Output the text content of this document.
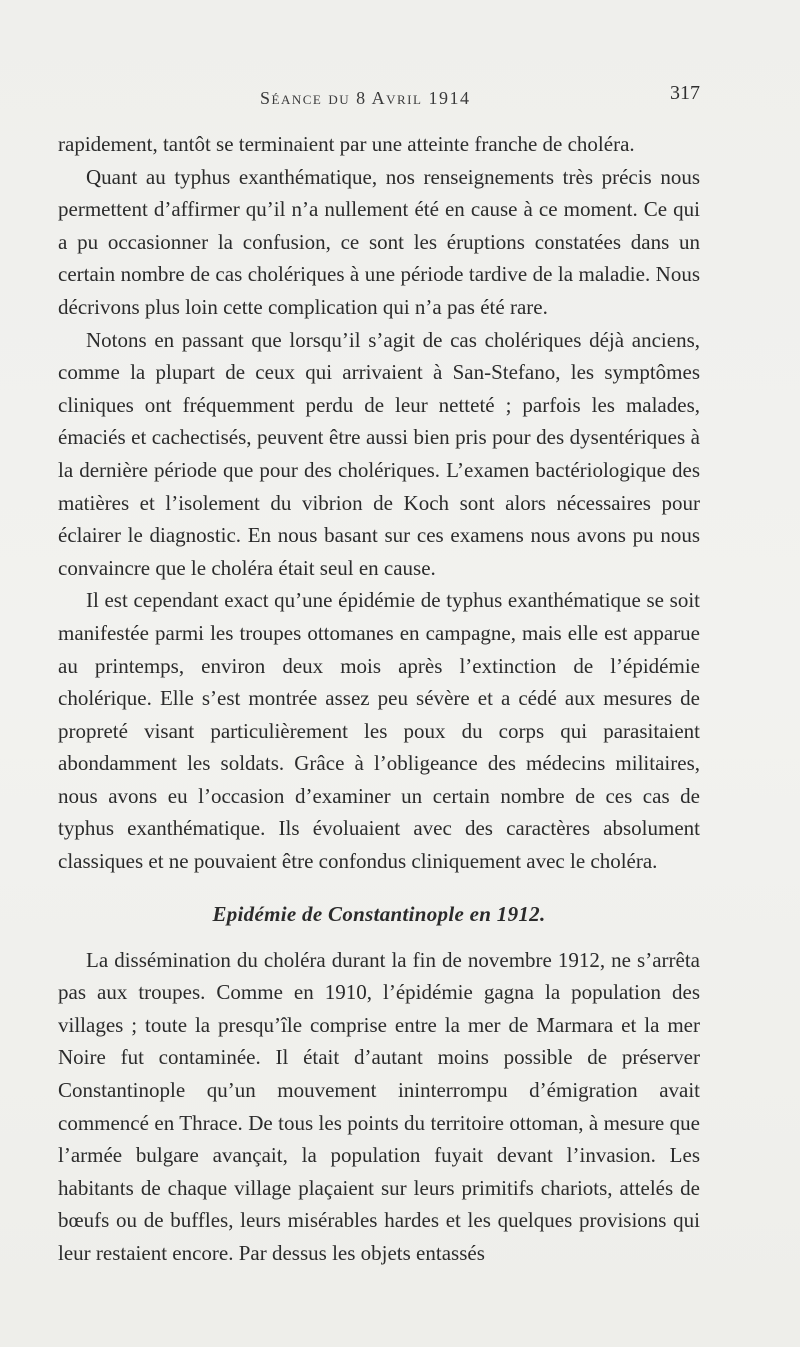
Séance du 8 Avril 1914	317

rapidement, tantôt se terminaient par une atteinte franche de choléra.

Quant au typhus exanthématique, nos renseignements très précis nous permettent d’affirmer qu’il n’a nullement été en cause à ce moment. Ce qui a pu occasionner la confusion, ce sont les éruptions constatées dans un certain nombre de cas cholériques à une période tardive de la maladie. Nous décrivons plus loin cette complication qui n’a pas été rare.

Notons en passant que lorsqu’il s’agit de cas cholériques déjà anciens, comme la plupart de ceux qui arrivaient à San-Stefano, les symptômes cliniques ont fréquemment perdu de leur netteté ; parfois les malades, émaciés et cachectisés, peuvent être aussi bien pris pour des dysentériques à la dernière période que pour des cholériques. L’examen bactériologique des matières et l’isolement du vibrion de Koch sont alors nécessaires pour éclairer le diagnostic. En nous basant sur ces examens nous avons pu nous convaincre que le choléra était seul en cause.

Il est cependant exact qu’une épidémie de typhus exanthématique se soit manifestée parmi les troupes ottomanes en campagne, mais elle est apparue au printemps, environ deux mois après l’extinction de l’épidémie cholérique. Elle s’est montrée assez peu sévère et a cédé aux mesures de propreté visant particulièrement les poux du corps qui parasitaient abondamment les soldats. Grâce à l’obligeance des médecins militaires, nous avons eu l’occasion d’examiner un certain nombre de ces cas de typhus exanthématique. Ils évoluaient avec des caractères absolument classiques et ne pouvaient être confondus cliniquement avec le choléra.

Epidémie de Constantinople en 1912.

La dissémination du choléra durant la fin de novembre 1912, ne s’arrêta pas aux troupes. Comme en 1910, l’épidémie gagna la population des villages ; toute la presqu’île comprise entre la mer de Marmara et la mer Noire fut contaminée. Il était d’autant moins possible de préserver Constantinople qu’un mouvement ininterrompu d’émigration avait commencé en Thrace. De tous les points du territoire ottoman, à mesure que l’armée bulgare avançait, la population fuyait devant l’invasion. Les habitants de chaque village plaçaient sur leurs primitifs chariots, attelés de bœufs ou de buffles, leurs misérables hardes et les quelques provisions qui leur restaient encore. Par dessus les objets entassés
